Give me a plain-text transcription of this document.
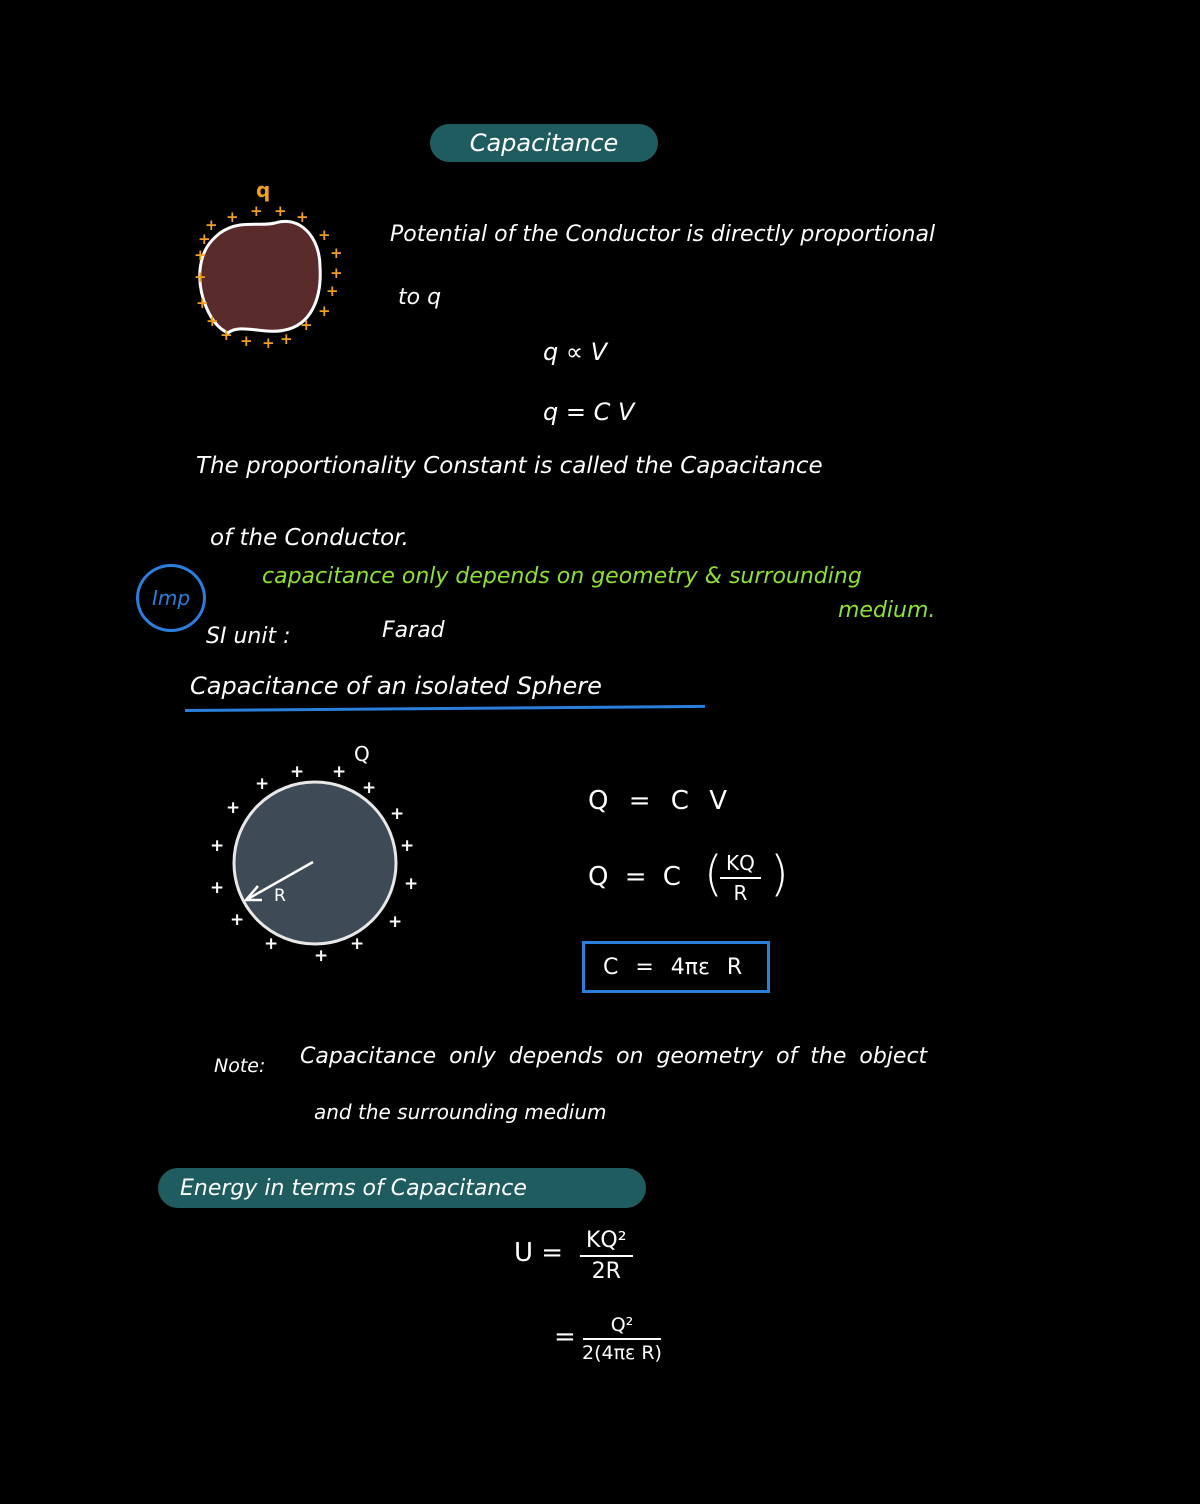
Capacitance
q
+ + + + +
+
+
+
+
+
+
+
+
+
+
+
+
+
+
+	Potential of the Conductor is directly proportional
to q
q ∝ V
q = C V
The proportionality Constant is called the Capacitance
of the Conductor.
Imp
capacitance only depends on geometry & surrounding
medium.
SI unit :	Farad
Capacitance of an isolated Sphere
Q
R
+
+ +
+
+
+
+
+
+
+
+
+
+
+
+	Q = C V
Q = C (
$\frac{KQ}{R}$ )
C = 4πε R
Note: Capacitance only depends on geometry of the object
and the surrounding medium
Energy in terms of Capacitance
$U = \frac{\text{KQ²}}{2R}$
= $\frac{\text{Q²}}{\text{2(4πε R)}}$
